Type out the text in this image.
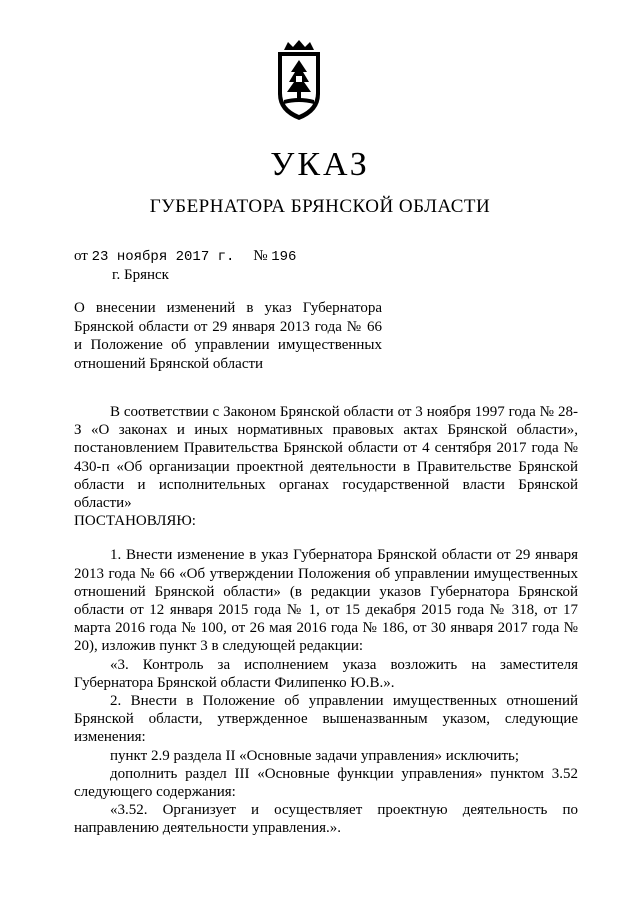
УКАЗ
ГУБЕРНАТОРА БРЯНСКОЙ ОБЛАСТИ
от 23 ноября 2017 г. № 196
г. Брянск

О внесении изменений в указ Губернатора Брянской области от 29 января 2013 года № 66 и Положение об управлении имущественных отношений Брянской области

В соответствии с Законом Брянской области от 3 ноября 1997 года № 28-З «О законах и иных нормативных правовых актах Брянской области», постановлением Правительства Брянской области от 4 сентября 2017 года № 430-п «Об организации проектной деятельности в Правительстве Брянской области и исполнительных органах государственной власти Брянской области»

ПОСТАНОВЛЯЮ:

1. Внести изменение в указ Губернатора Брянской области от 29 января 2013 года № 66 «Об утверждении Положения об управлении имущественных отношений Брянской области» (в редакции указов Губернатора Брянской области от 12 января 2015 года № 1, от 15 декабря 2015 года № 318, от 17 марта 2016 года № 100, от 26 мая 2016 года № 186, от 30 января 2017 года № 20), изложив пункт 3 в следующей редакции:

«3. Контроль за исполнением указа возложить на заместителя Губернатора Брянской области Филипенко Ю.В.».

2. Внести в Положение об управлении имущественных отношений Брянской области, утвержденное вышеназванным указом, следующие изменения:

пункт 2.9 раздела II «Основные задачи управления» исключить;

дополнить раздел III «Основные функции управления» пунктом 3.52 следующего содержания:

«3.52. Организует и осуществляет проектную деятельность по направлению деятельности управления.».
